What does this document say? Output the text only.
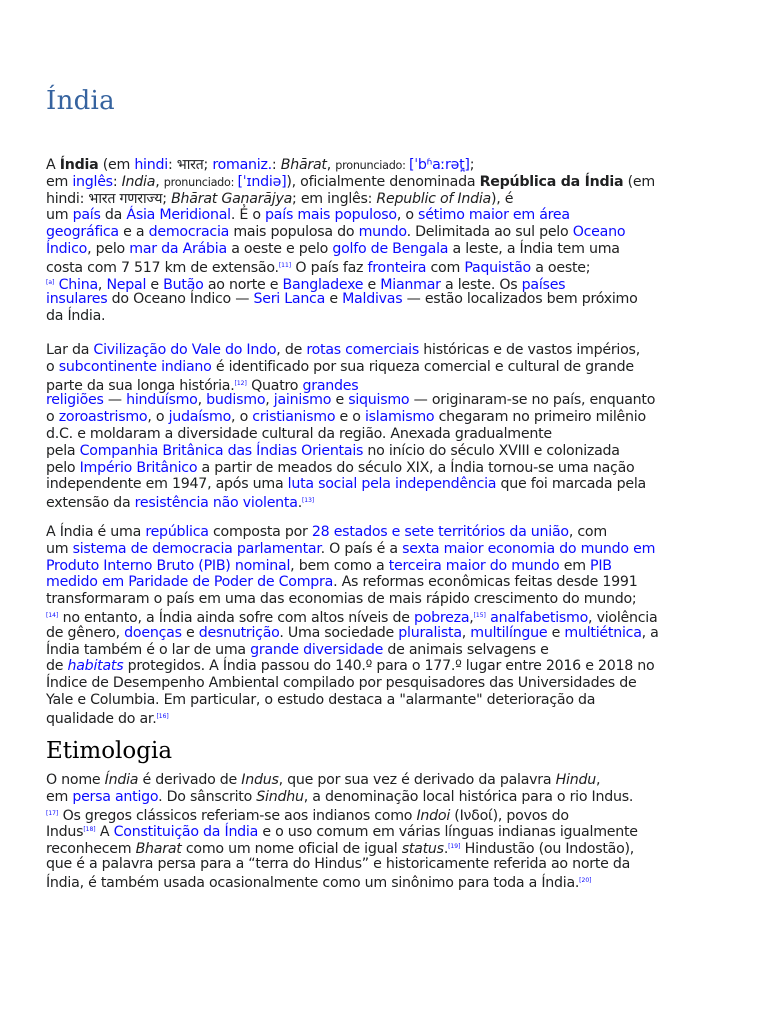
Índia
A Índia (em hindi: भारत; romaniz.: Bhārat, pronunciado: [ˈbʱaːrət̪];
em inglês: India, pronunciado: [ˈɪndiə]), oficialmente denominada República da Índia (em
hindi: भारत गणराज्य; Bhārat Gaṇarājya; em inglês: Republic of India), é
um país da Ásia Meridional. É o país mais populoso, o sétimo maior em área
geográfica e a democracia mais populosa do mundo. Delimitada ao sul pelo Oceano
Índico, pelo mar da Arábia a oeste e pelo golfo de Bengala a leste, a Índia tem uma
costa com 7 517 km de extensão.[11] O país faz fronteira com Paquistão a oeste;
[a] China, Nepal e Butão ao norte e Bangladexe e Mianmar a leste. Os países
insulares do Oceano Índico — Seri Lanca e Maldivas — estão localizados bem próximo
da Índia.
Lar da Civilização do Vale do Indo, de rotas comerciais históricas e de vastos impérios,
o subcontinente indiano é identificado por sua riqueza comercial e cultural de grande
parte da sua longa história.[12] Quatro grandes
religiões — hinduísmo, budismo, jainismo e siquismo — originaram-se no país, enquanto
o zoroastrismo, o judaísmo, o cristianismo e o islamismo chegaram no primeiro milênio
d.C. e moldaram a diversidade cultural da região. Anexada gradualmente
pela Companhia Britânica das Índias Orientais no início do século XVIII e colonizada
pelo Império Britânico a partir de meados do século XIX, a Índia tornou-se uma nação
independente em 1947, após uma luta social pela independência que foi marcada pela
extensão da resistência não violenta.[13]
A Índia é uma república composta por 28 estados e sete territórios da união, com
um sistema de democracia parlamentar. O país é a sexta maior economia do mundo em
Produto Interno Bruto (PIB) nominal, bem como a terceira maior do mundo em PIB
medido em Paridade de Poder de Compra. As reformas econômicas feitas desde 1991
transformaram o país em uma das economias de mais rápido crescimento do mundo;
[14] no entanto, a Índia ainda sofre com altos níveis de pobreza,[15] analfabetismo, violência
de gênero, doenças e desnutrição. Uma sociedade pluralista, multilíngue e multiétnica, a
Índia também é o lar de uma grande diversidade de animais selvagens e
de habitats protegidos. A Índia passou do 140.º para o 177.º lugar entre 2016 e 2018 no
Índice de Desempenho Ambiental compilado por pesquisadores das Universidades de
Yale e Columbia. Em particular, o estudo destaca a "alarmante" deterioração da
qualidade do ar.[16]
Etimologia
O nome Índia é derivado de Indus, que por sua vez é derivado da palavra Hindu,
em persa antigo. Do sânscrito Sindhu, a denominação local histórica para o rio Indus.
[17] Os gregos clássicos referiam-se aos indianos como Indoi (Ινδοί), povos do
Indus[18] A Constituição da Índia e o uso comum em várias línguas indianas igualmente
reconhecem Bharat como um nome oficial de igual status.[19] Hindustão (ou Indostão),
que é a palavra persa para a “terra do Hindus” e historicamente referida ao norte da
Índia, é também usada ocasionalmente como um sinônimo para toda a Índia.[20]
